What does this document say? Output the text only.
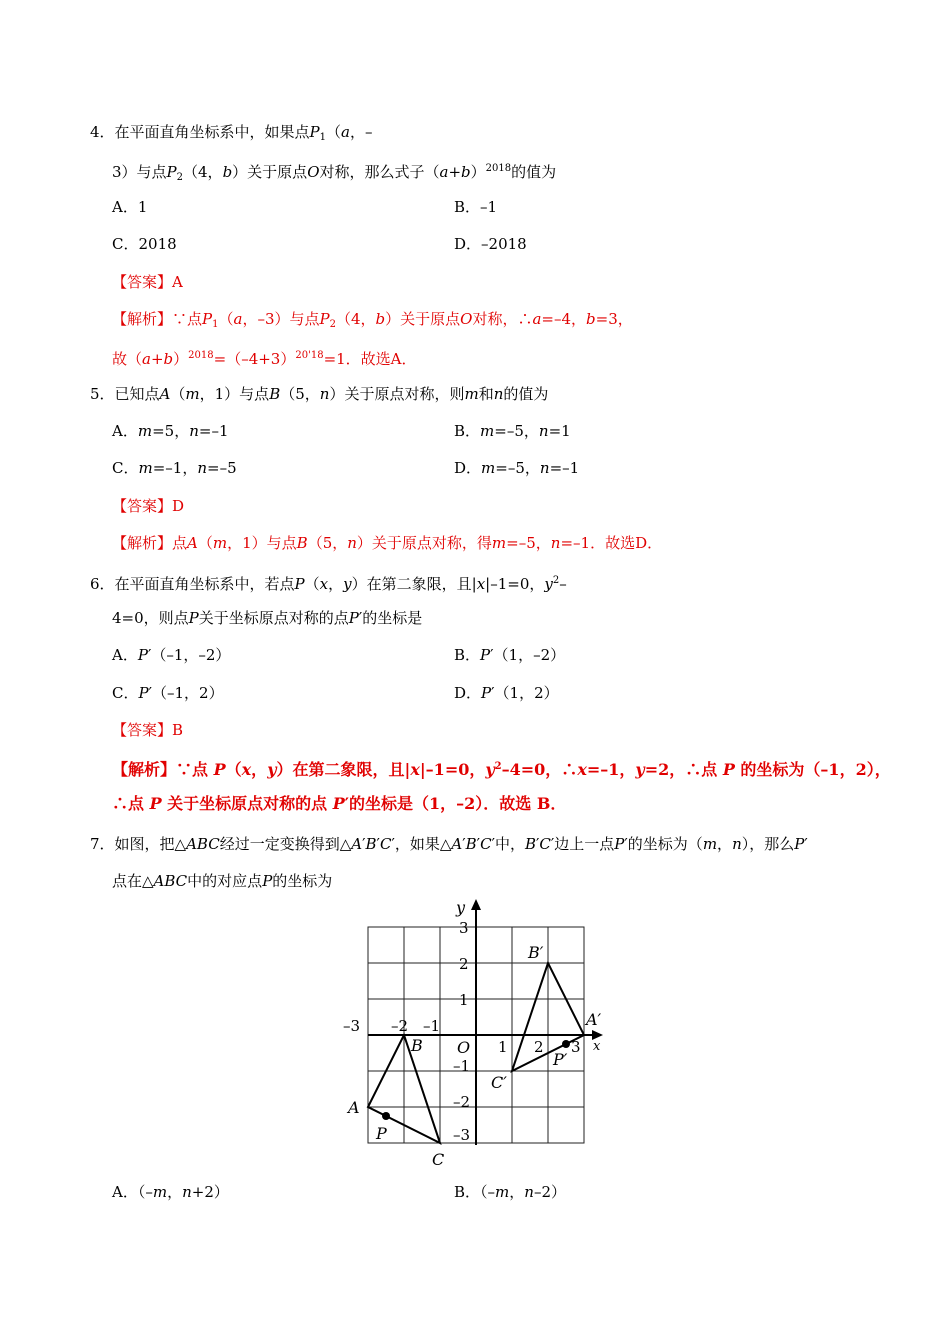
4．在平面直角坐标系中，如果点$P_1(a$，–
3）与点$P_2(4$，b）关于原点O对称，那么式子$(a+b)^{2018}$的值为
A．1	B．–1
C．2018	D．–2018
【答案】A
【解析】∵点$P_1(a$，–3）与点$P_2(4$，b）关于原点O对称，∴a=–4，b=3，
故$(a+b)^{2018}=(-4+3)^{20'18}=1$．故选A．
5．已知点A（m，1）与点B（5，n）关于原点对称，则m和n的值为
A．m=5，n=–1	B．m=–5，n=1
C．m=–1，n=–5	D．m=–5，n=–1
【答案】D
【解析】点A（m，1）与点B（5，n）关于原点对称，得m=–5，n=–1．故选D．
6．在平面直角坐标系中，若点P（x，y）在第二象限，且|x|–1=0，$y^2-$
4=0，则点P关于坐标原点对称的点P′的坐标是
A．P′（–1，–2）	B．P′（1，–2）
C．P′（–1，2）	D．P′（1，2）
【答案】B
【解析】∵点 P（x，y）在第二象限，且|x|–1=0，$y^2-4=0$，∴x=–1，y=2，∴点 P 的坐标为（–1，2），
∴点 P 关于坐标原点对称的点 P′的坐标是（1，–2）．故选 B．
7．如图，把△ABC经过一定变换得到△A′B′C′，如果△A′B′C′中，B′C′边上一点P′的坐标为（m，n），那么P′
点在△ABC中的对应点P的坐标为
–3 –2 –1
1 2 3
3
2
1
–1
–2
–3
y
x
O
A
B
C
P
A′
B′
C′
P′
A．（–m，n+2）	B．（–m，n–2）
